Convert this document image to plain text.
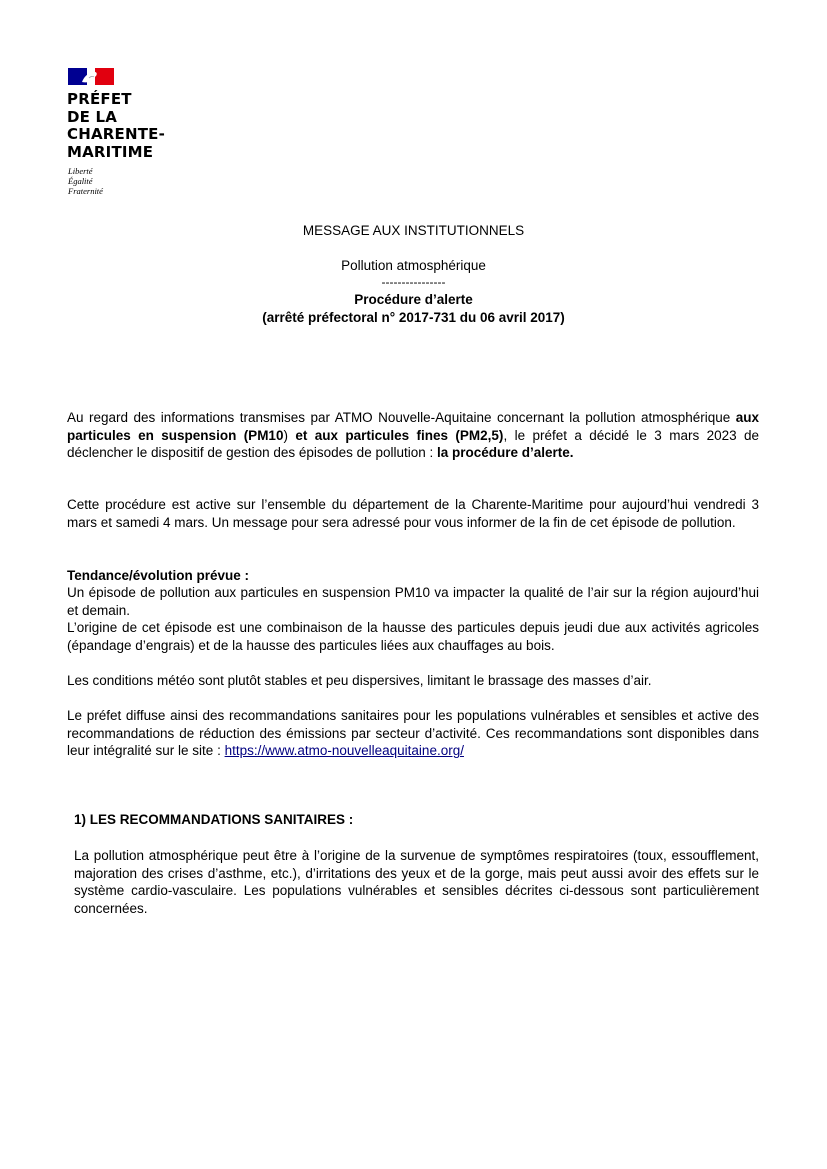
PRÉFET
DE LA
CHARENTE-
MARITIME
Liberté
Égalité
Fraternité
MESSAGE AUX INSTITUTIONNELS
Pollution atmosphérique
----------------
Procédure d’alerte
(arrêté préfectoral n° 2017-731 du 06 avril 2017)
Au regard des informations transmises par ATMO Nouvelle-Aquitaine concernant la pollution atmosphérique aux particules en suspension (PM10) et aux particules fines (PM2,5), le préfet a décidé le 3 mars 2023 de déclencher le dispositif de gestion des épisodes de pollution : la procédure d’alerte.
Cette procédure est active sur l’ensemble du département de la Charente-Maritime pour aujourd’hui vendredi 3 mars et samedi 4 mars. Un message pour sera adressé pour vous informer de la fin de cet épisode de pollution.
Tendance/évolution prévue :
Un épisode de pollution aux particules en suspension PM10 va impacter la qualité de l’air sur la région aujourd’hui et demain.
L’origine de cet épisode est une combinaison de la hausse des particules depuis jeudi due aux activités agricoles (épandage d’engrais) et de la hausse des particules liées aux chauffages au bois.
Les conditions météo sont plutôt stables et peu dispersives, limitant le brassage des masses d’air.
Le préfet diffuse ainsi des recommandations sanitaires pour les populations vulnérables et sensibles et active des recommandations de réduction des émissions par secteur d’activité. Ces recommandations sont disponibles dans leur intégralité sur le site : https://www.atmo-nouvelleaquitaine.org/
1) LES RECOMMANDATIONS SANITAIRES :
La pollution atmosphérique peut être à l’origine de la survenue de symptômes respiratoires (toux, essoufflement, majoration des crises d’asthme, etc.), d’irritations des yeux et de la gorge, mais peut aussi avoir des effets sur le système cardio-vasculaire. Les populations vulnérables et sensibles décrites ci-dessous sont particulièrement concernées.
